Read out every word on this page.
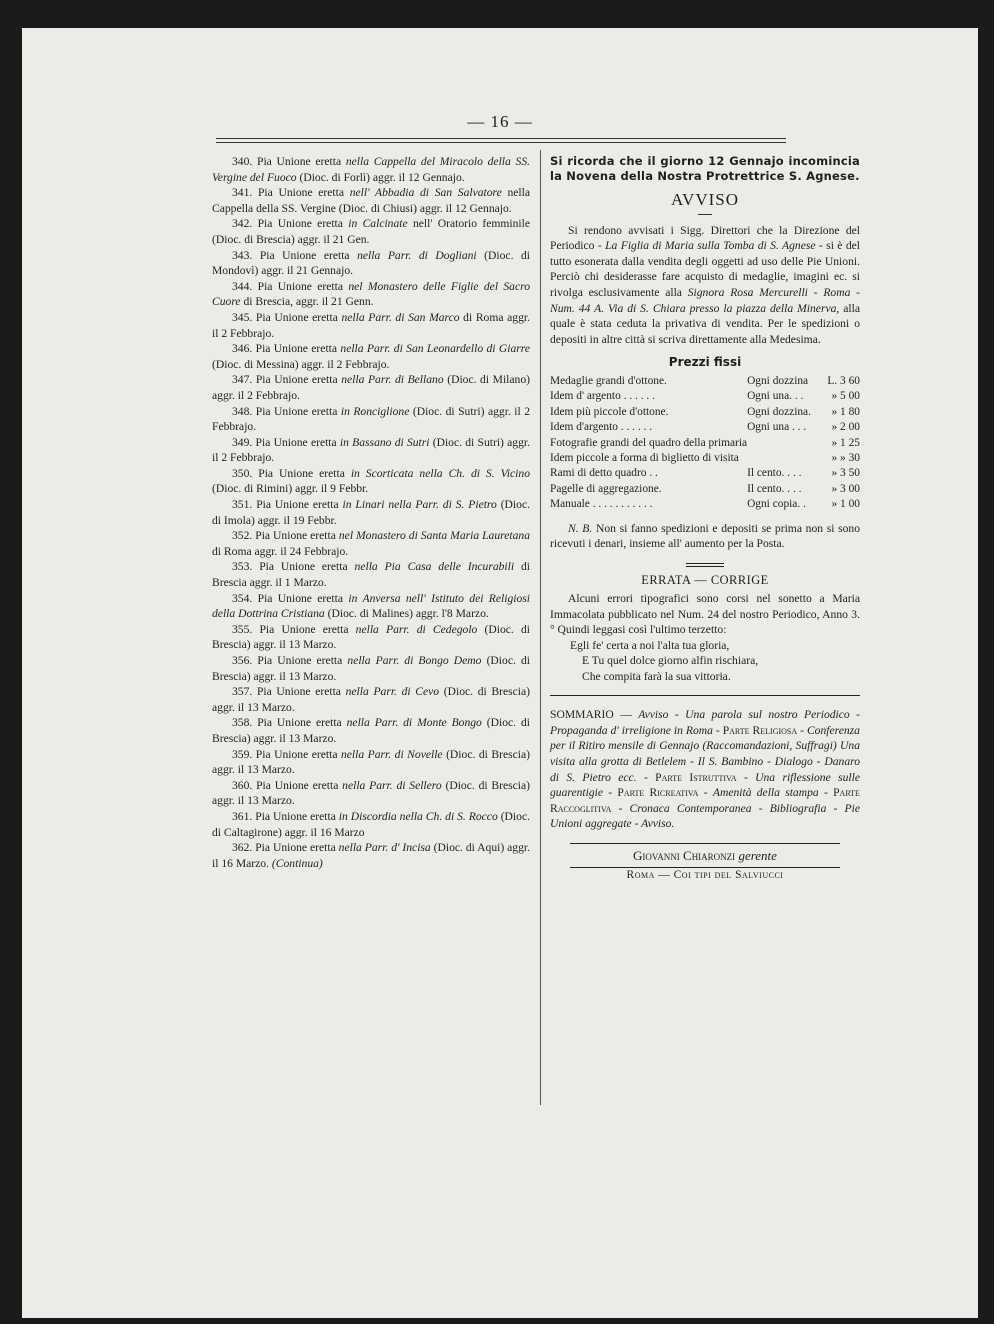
— 16 —

340. Pia Unione eretta nella Cappella del Miracolo della SS. Vergine del Fuoco (Dioc. di Forlì) aggr. il 12 Gennajo.

341. Pia Unione eretta nell' Abbadia di San Salvatore nella Cappella della SS. Vergine (Dioc. di Chiusi) aggr. il 12 Gennajo.

342. Pia Unione eretta in Calcinate nell' Oratorio femminile (Dioc. di Brescia) aggr. il 21 Gen.

343. Pia Unione eretta nella Parr. di Dogliani (Dioc. di Mondovì) aggr. il 21 Gennajo.

344. Pia Unione eretta nel Monastero delle Figlie del Sacro Cuore di Brescia, aggr. il 21 Genn.

345. Pia Unione eretta nella Parr. di San Marco di Roma aggr. il 2 Febbrajo.

346. Pia Unione eretta nella Parr. di San Leonardello di Giarre (Dioc. di Messina) aggr. il 2 Febbrajo.

347. Pia Unione eretta nella Parr. di Bellano (Dioc. di Milano) aggr. il 2 Febbrajo.

348. Pia Unione eretta in Ronciglione (Dioc. di Sutri) aggr. il 2 Febbrajo.

349. Pia Unione eretta in Bassano di Sutri (Dioc. di Sutri) aggr. il 2 Febbrajo.

350. Pia Unione eretta in Scorticata nella Ch. di S. Vicino (Dioc. di Rimini) aggr. il 9 Febbr.

351. Pia Unione eretta in Linari nella Parr. di S. Pietro (Dioc. di Imola) aggr. il 19 Febbr.

352. Pia Unione eretta nel Monastero di Santa Maria Lauretana di Roma aggr. il 24 Febbrajo.

353. Pia Unione eretta nella Pia Casa delle Incurabili di Brescia aggr. il 1 Marzo.

354. Pia Unione eretta in Anversa nell' Istituto dei Religiosi della Dottrina Cristiana (Dioc. di Malines) aggr. l'8 Marzo.

355. Pia Unione eretta nella Parr. di Cedegolo (Dioc. di Brescia) aggr. il 13 Marzo.

356. Pia Unione eretta nella Parr. di Bongo Demo (Dioc. di Brescia) aggr. il 13 Marzo.

357. Pia Unione eretta nella Parr. di Cevo (Dioc. di Brescia) aggr. il 13 Marzo.

358. Pia Unione eretta nella Parr. di Monte Bongo (Dioc. di Brescia) aggr. il 13 Marzo.

359. Pia Unione eretta nella Parr. di Novelle (Dioc. di Brescia) aggr. il 13 Marzo.

360. Pia Unione eretta nella Parr. di Sellero (Dioc. di Brescia) aggr. il 13 Marzo.

361. Pia Unione eretta in Discordia nella Ch. di S. Rocco (Dioc. di Caltagirone) aggr. il 16 Marzo

362. Pia Unione eretta nella Parr. d' Incisa (Dioc. di Aqui) aggr. il 16 Marzo. (Continua)

Si ricorda che il giorno 12 Gennajo incomincia la Novena della Nostra Protrettrice S. Agnese.
AVVISO

Si rendono avvisati i Sigg. Direttori che la Direzione del Periodico - La Figlia di Maria sulla Tomba di S. Agnese - si è del tutto esonerata dalla vendita degli oggetti ad uso delle Pie Unioni. Perciò chi desiderasse fare acquisto di medaglie, imagini ec. si rivolga esclusivamente alla Signora Rosa Mercurelli - Roma - Num. 44 A. Via di S. Chiara presso la piazza della Minerva, alla quale è stata ceduta la privativa di vendita. Per le spedizioni o depositi in altre città si scriva direttamente alla Medesima.

Prezzi fissi
Medaglie grandi d'ottone.	Ogni dozzina	L. 3 60
Idem d' argento . . . . . .	Ogni una. . .	» 5 00
Idem più piccole d'ottone.	Ogni dozzina.	» 1 80
Idem d'argento . . . . . .	Ogni una . . .	» 2 00
Fotografie grandi del quadro della primaria		» 1 25
Idem piccole a forma di biglietto di visita		» » 30
Rami di detto quadro . .	Il cento. . . .	» 3 50
Pagelle di aggregazione.	Il cento. . . .	» 3 00
Manuale . . . . . . . . . . .	Ogni copia. .	» 1 00

N. B. Non si fanno spedizioni e depositi se prima non si sono ricevuti i denari, insieme all' aumento per la Posta.

ERRATA — CORRIGE

Alcuni errori tipografici sono corsi nel sonetto a Maria Immacolata pubblicato nel Num. 24 del nostro Periodico, Anno 3.° Quindi leggasi così l'ultimo terzetto:

Egli fe' certa a noi l'alta tua gloria,

E Tu quel dolce giorno alfin rischiara,

Che compita farà la sua vittoria.

SOMMARIO — Avviso - Una parola sul nostro Periodico - Propaganda d' irreligione in Roma - Parte Religiosa - Conferenza per il Ritiro mensile di Gennajo (Raccomandazioni, Suffragi) Una visita alla grotta di Betlelem - Il S. Bambino - Dialogo - Danaro di S. Pietro ecc. - Parte Istruttiva - Una riflessione sulle guarentigie - Parte Ricreativa - Amenità della stampa - Parte Raccoglitiva - Cronaca Contemporanea - Bibliografia - Pie Unioni aggregate - Avviso.

Giovanni Chiaronzi gerente

Roma — Coi tipi del Salviucci
